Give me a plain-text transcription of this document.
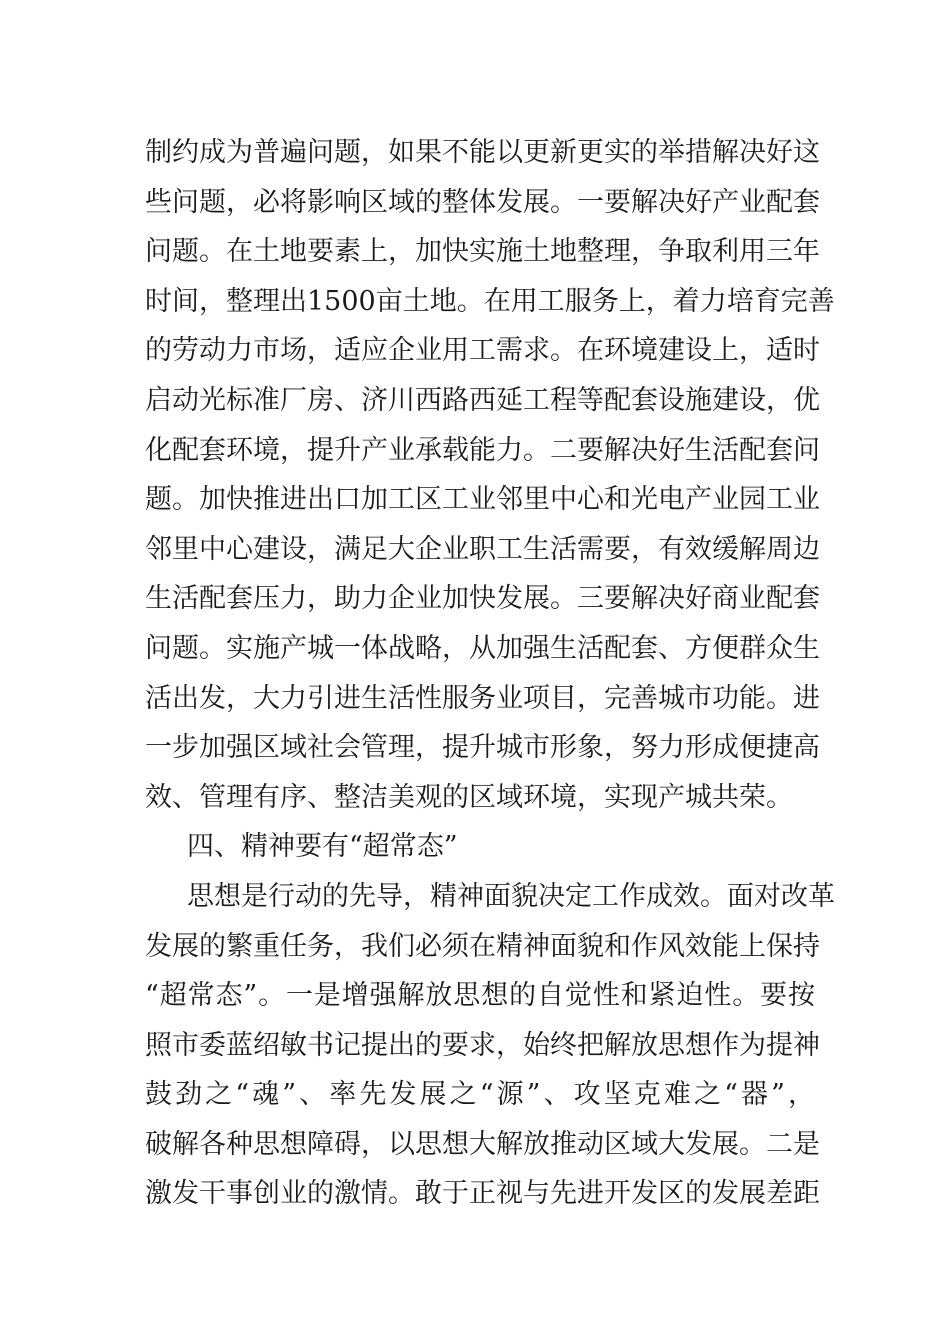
制约成为普遍问题，如果不能以更新更实的举措解决好这
些问题，必将影响区域的整体发展。一要解决好产业配套
问题。在土地要素上，加快实施土地整理，争取利用三年
时间，整理出1500亩土地。在用工服务上，着力培育完善
的劳动力市场，适应企业用工需求。在环境建设上，适时
启动光标准厂房、济川西路西延工程等配套设施建设，优
化配套环境，提升产业承载能力。二要解决好生活配套问
题。加快推进出口加工区工业邻里中心和光电产业园工业
邻里中心建设，满足大企业职工生活需要，有效缓解周边
生活配套压力，助力企业加快发展。三要解决好商业配套
问题。实施产城一体战略，从加强生活配套、方便群众生
活出发，大力引进生活性服务业项目，完善城市功能。进
一步加强区域社会管理，提升城市形象，努力形成便捷高
效、管理有序、整洁美观的区域环境，实现产城共荣。
四、精神要有“超常态”
思想是行动的先导，精神面貌决定工作成效。面对改革
发展的繁重任务，我们必须在精神面貌和作风效能上保持
“超常态”。一是增强解放思想的自觉性和紧迫性。要按
照市委蓝绍敏书记提出的要求，始终把解放思想作为提神
鼓劲之“魂”、率先发展之“源”、攻坚克难之“器”，
破解各种思想障碍，以思想大解放推动区域大发展。二是
激发干事创业的激情。敢于正视与先进开发区的发展差距
